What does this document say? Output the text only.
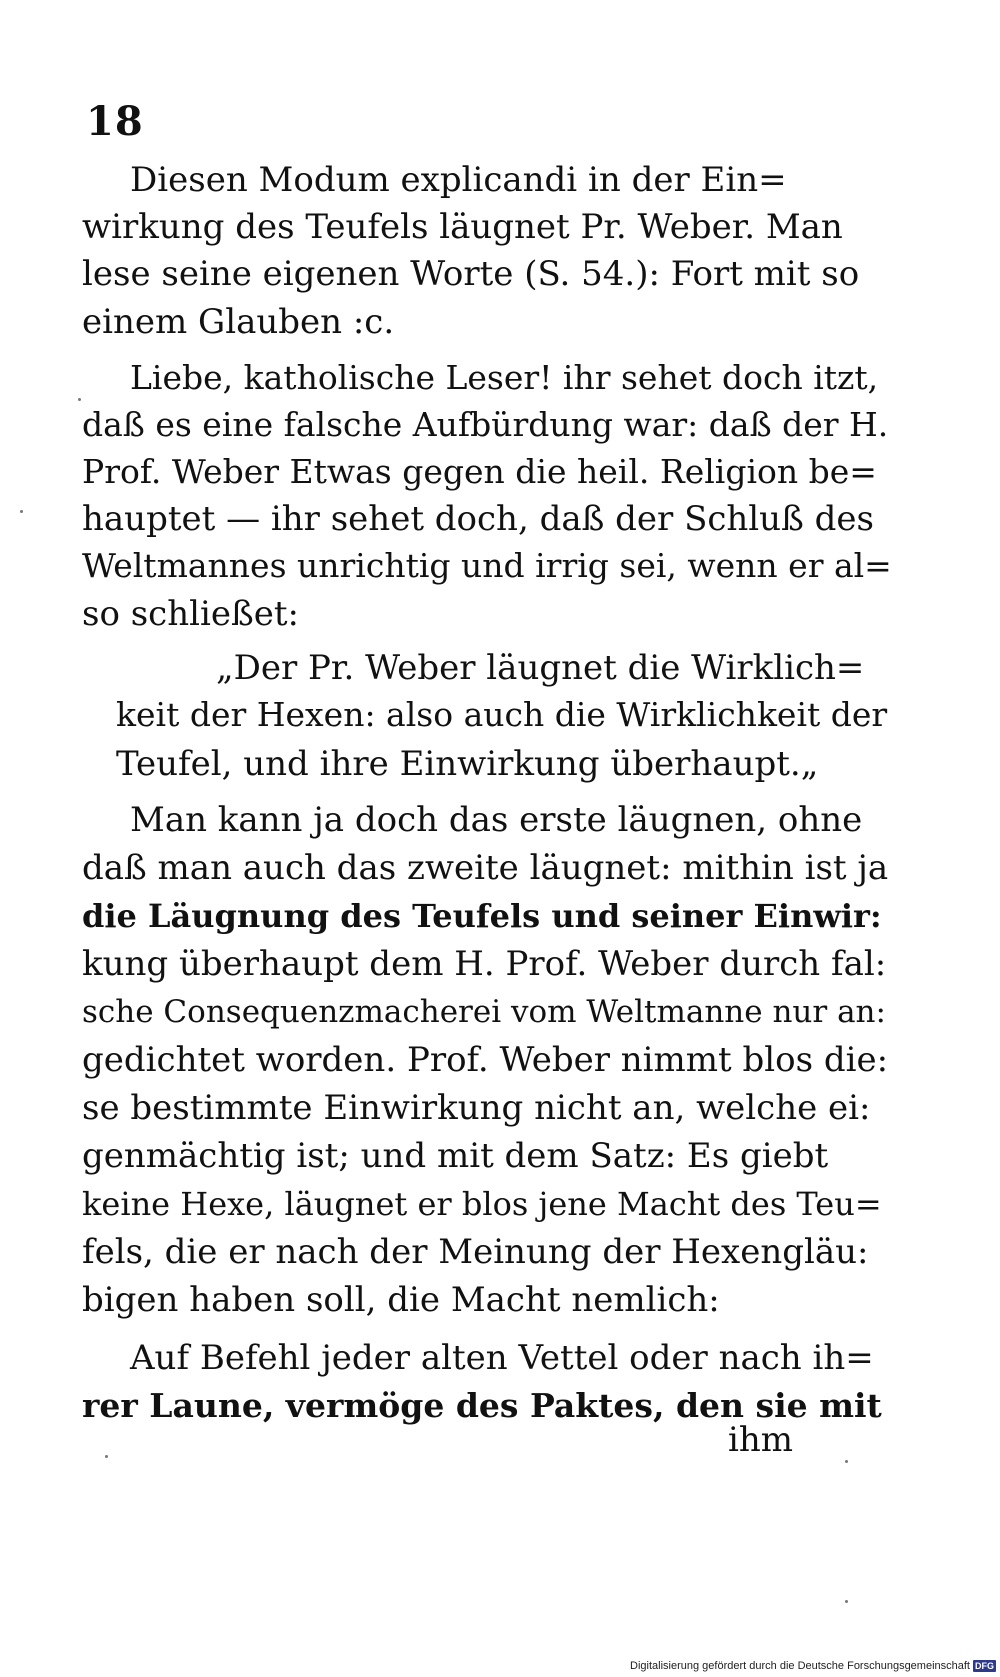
18
Diesen Modum explicandi in der Ein=
wirkung des Teufels läugnet Pr. Weber. Man
lese seine eigenen Worte (S. 54.): Fort mit so
einem Glauben :c.
Liebe, katholische Leser! ihr sehet doch itzt,
daß es eine falsche Aufbürdung war: daß der H.
Prof. Weber Etwas gegen die heil. Religion be=
hauptet — ihr sehet doch, daß der Schluß des
Weltmannes unrichtig und irrig sei, wenn er al=
so schließet:
„Der Pr. Weber läugnet die Wirklich=
keit der Hexen: also auch die Wirklichkeit der
Teufel, und ihre Einwirkung überhaupt.„
Man kann ja doch das erste läugnen, ohne
daß man auch das zweite läugnet: mithin ist ja
die Läugnung des Teufels und seiner Einwir:
kung überhaupt dem H. Prof. Weber durch fal:
sche Consequenzmacherei vom Weltmanne nur an:
gedichtet worden. Prof. Weber nimmt blos die:
se bestimmte Einwirkung nicht an, welche ei:
genmächtig ist; und mit dem Satz: Es giebt
keine Hexe, läugnet er blos jene Macht des Teu=
fels, die er nach der Meinung der Hexengläu:
bigen haben soll, die Macht nemlich:
Auf Befehl jeder alten Vettel oder nach ih=
rer Laune, vermöge des Paktes, den sie mit
ihm
Digitalisierung gefördert durch die Deutsche Forschungsgemeinschaft DFG
